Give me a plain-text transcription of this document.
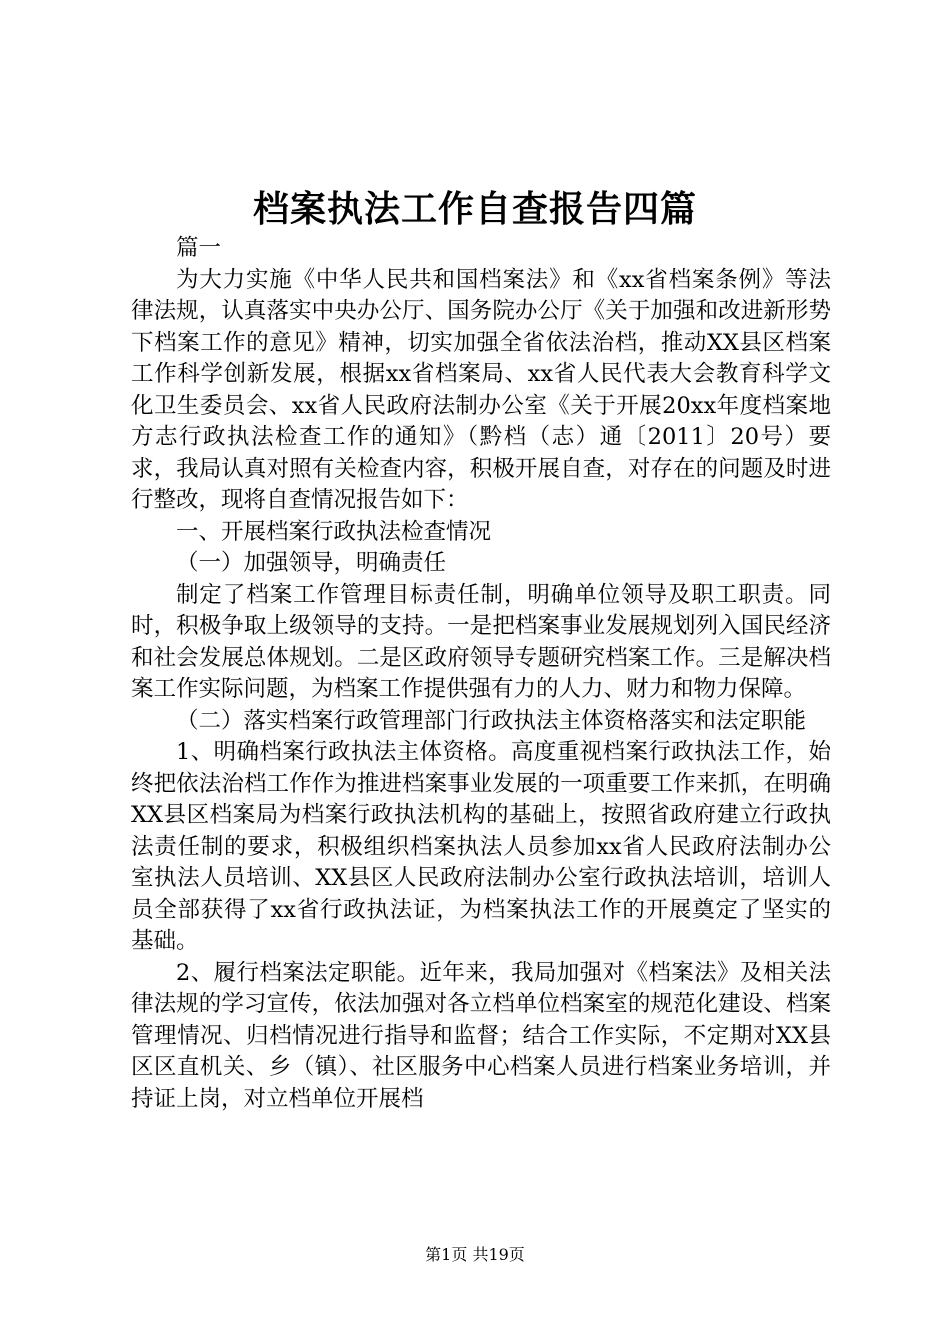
档案执法工作自查报告四篇

篇一

为大力实施《中华人民共和国档案法》和《xx省档案条例》等法律法规，认真落实中央办公厅、国务院办公厅《关于加强和改进新形势下档案工作的意见》精神，切实加强全省依法治档，推动XX县区档案工作科学创新发展，根据xx省档案局、xx省人民代表大会教育科学文化卫生委员会、xx省人民政府法制办公室《关于开展20xx年度档案地方志行政执法检查工作的通知》（黔档（志）通〔2011〕20号）要求，我局认真对照有关检查内容，积极开展自查，对存在的问题及时进行整改，现将自查情况报告如下：

一、开展档案行政执法检查情况

（一）加强领导，明确责任

制定了档案工作管理目标责任制，明确单位领导及职工职责。同时，积极争取上级领导的支持。一是把档案事业发展规划列入国民经济和社会发展总体规划。二是区政府领导专题研究档案工作。三是解决档案工作实际问题，为档案工作提供强有力的人力、财力和物力保障。

（二）落实档案行政管理部门行政执法主体资格落实和法定职能

1、明确档案行政执法主体资格。高度重视档案行政执法工作，始终把依法治档工作作为推进档案事业发展的一项重要工作来抓，在明确XX县区档案局为档案行政执法机构的基础上，按照省政府建立行政执法责任制的要求，积极组织档案执法人员参加xx省人民政府法制办公室执法人员培训、XX县区人民政府法制办公室行政执法培训，培训人员全部获得了xx省行政执法证，为档案执法工作的开展奠定了坚实的基础。

2、履行档案法定职能。近年来，我局加强对《档案法》及相关法律法规的学习宣传，依法加强对各立档单位档案室的规范化建设、档案管理情况、归档情况进行指导和监督；结合工作实际，不定期对XX县区区直机关、乡（镇）、社区服务中心档案人员进行档案业务培训，并持证上岗，对立档单位开展档

第1页 共19页
